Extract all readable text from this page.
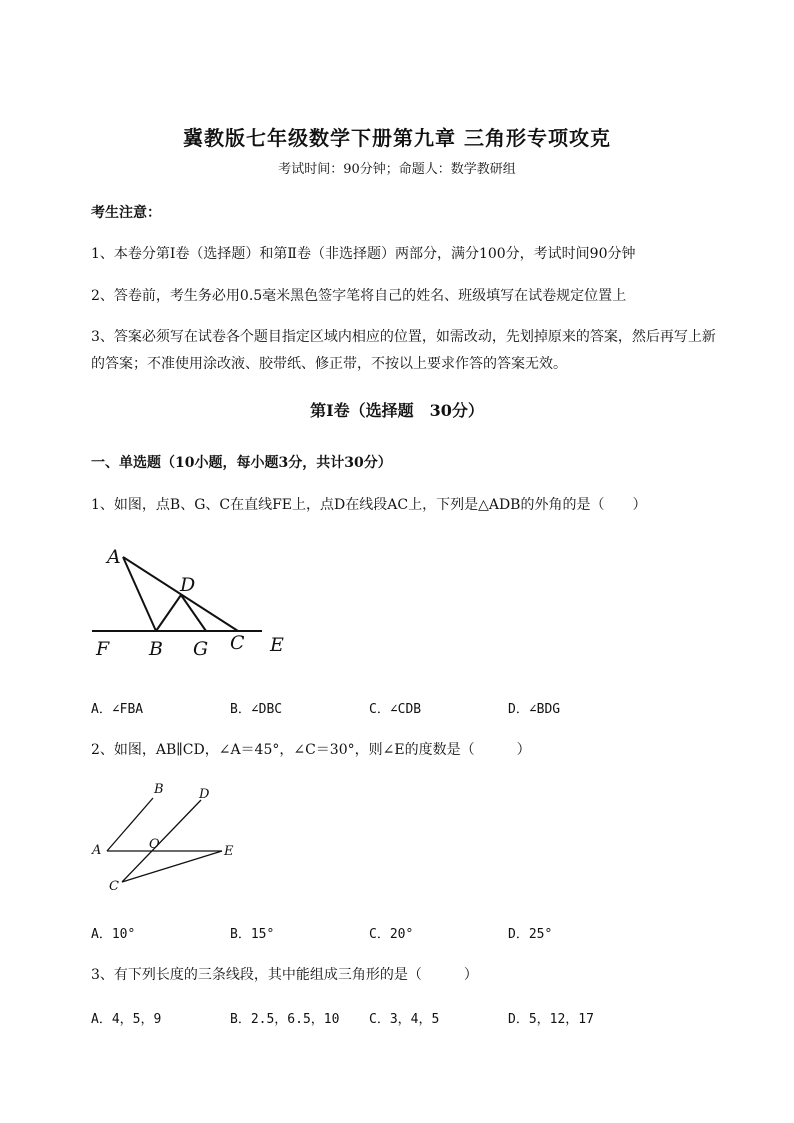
冀教版七年级数学下册第九章 三角形专项攻克
考试时间：90分钟；命题人：数学教研组
考生注意：
1、本卷分第I卷（选择题）和第Ⅱ卷（非选择题）两部分，满分100分，考试时间90分钟
2、答卷前，考生务必用0.5毫米黑色签字笔将自己的姓名、班级填写在试卷规定位置上
3、答案必须写在试卷各个题目指定区域内相应的位置，如需改动，先划掉原来的答案，然后再写上新
的答案；不准使用涂改液、胶带纸、修正带，不按以上要求作答的答案无效。
第I卷（选择题　30分）
一、单选题（10小题，每小题3分，共计30分）
1、如图，点B、G、C在直线FE上，点D在线段AC上，下列是△ADB的外角的是（　　）
A
D
F B G C E
A．∠FBA	B．∠DBC	C．∠CDB	D．∠BDG
2、如图，AB∥CD，∠A＝45°，∠C＝30°，则∠E的度数是（　　　）
B	D
A	O	E
C
A．10°	B．15°	C．20°	D．25°
3、有下列长度的三条线段，其中能组成三角形的是（　　　）
A．4，5，9	B．2.5，6.5，10 C．3，4，5	D．5，12，17
